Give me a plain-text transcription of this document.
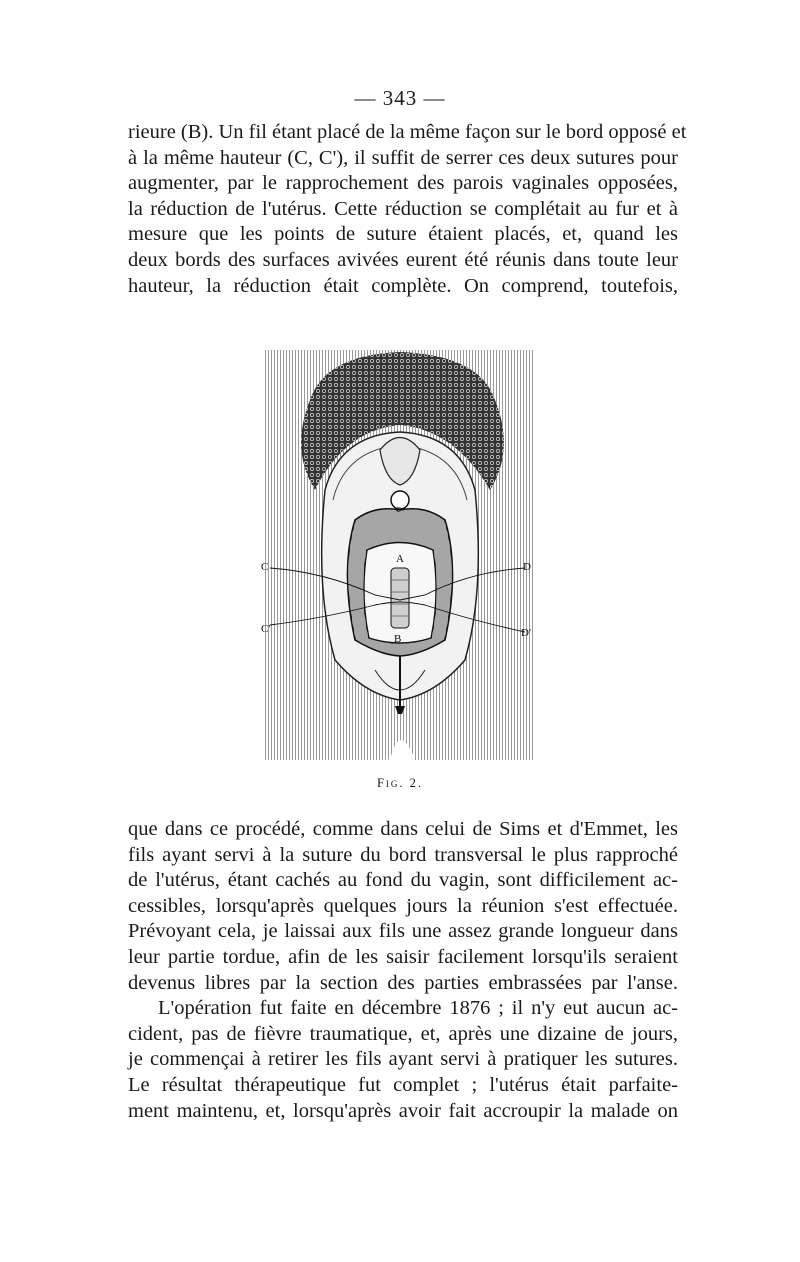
— 343 —

rieure (B). Un fil étant placé de la même façon sur le bord opposé et
à la même hauteur (C, C'), il suffit de serrer ces deux sutures pour
augmenter, par le rapprochement des parois vaginales opposées,
la réduction de l'utérus. Cette réduction se complétait au fur et à
mesure que les points de suture étaient placés, et, quand les
deux bords des surfaces avivées eurent été réunis dans toute leur
hauteur, la réduction était complète. On comprend, toutefois,

c
A
B
C
C'
D
D'
Fig. 2.

que dans ce procédé, comme dans celui de Sims et d'Emmet, les
fils ayant servi à la suture du bord transversal le plus rapproché
de l'utérus, étant cachés au fond du vagin, sont difficilement ac-
cessibles, lorsqu'après quelques jours la réunion s'est effectuée.
Prévoyant cela, je laissai aux fils une assez grande longueur dans
leur partie tordue, afin de les saisir facilement lorsqu'ils seraient
devenus libres par la section des parties embrassées par l'anse.
L'opération fut faite en décembre 1876 ; il n'y eut aucun ac-
cident, pas de fièvre traumatique, et, après une dizaine de jours,
je commençai à retirer les fils ayant servi à pratiquer les sutures.
Le résultat thérapeutique fut complet ; l'utérus était parfaite-
ment maintenu, et, lorsqu'après avoir fait accroupir la malade on
